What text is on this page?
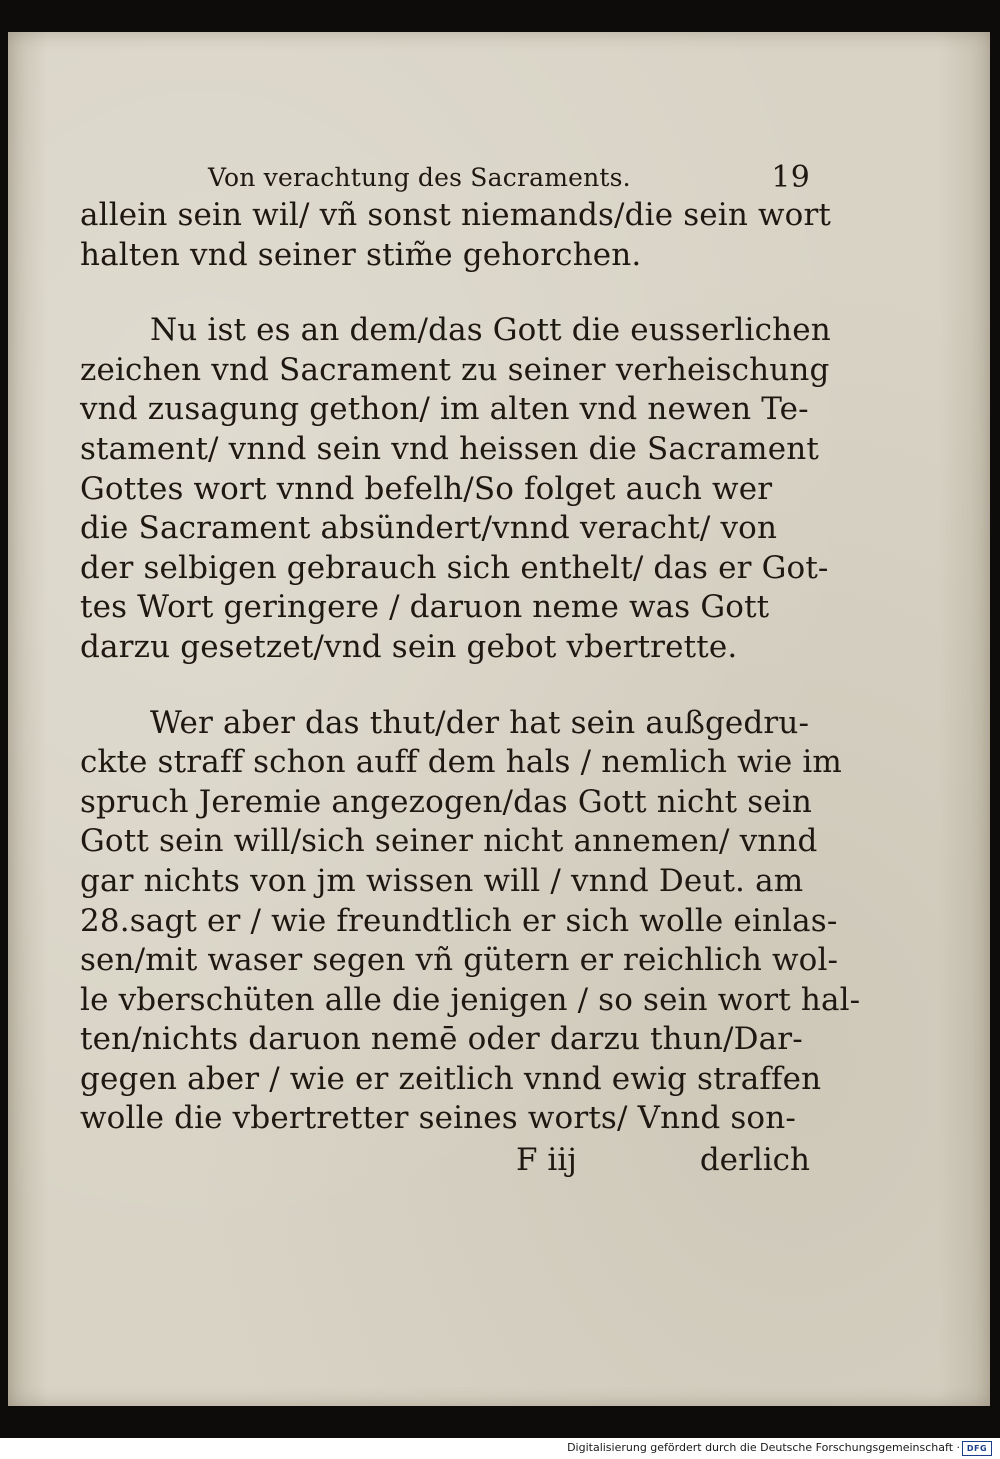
Von verachtung des Sacraments.	19
allein sein wil/ vñ sonst niemands/die sein wort
halten vnd seiner stim̃e gehorchen.
Nu ist es an dem/das Gott die eusserlichen
zeichen vnd Sacrament zu seiner verheischung
vnd zusagung gethon/ im alten vnd newen Te-
stament/ vnnd sein vnd heissen die Sacrament
Gottes wort vnnd befelh/So folget auch wer
die Sacrament absündert/vnnd veracht/ von
der selbigen gebrauch sich enthelt/ das er Got-
tes Wort geringere / daruon neme was Gott
darzu gesetzet/vnd sein gebot vbertrette.
Wer aber das thut/der hat sein außgedru-
ckte straff schon auff dem hals / nemlich wie im
spruch Jeremie angezogen/das Gott nicht sein
Gott sein will/sich seiner nicht annemen/ vnnd
gar nichts von jm wissen will / vnnd Deut. am
28.sagt er / wie freundtlich er sich wolle einlas-
sen/mit waser segen vñ gütern er reichlich wol-
le vberschüten alle die jenigen / so sein wort hal-
ten/nichts daruon nemē oder darzu thun/Dar-
gegen aber / wie er zeitlich vnnd ewig straffen
wolle die vbertretter seines worts/ Vnnd son-
F iij	derlich
Digitalisierung gefördert durch die Deutsche Forschungsgemeinschaft · DFG
